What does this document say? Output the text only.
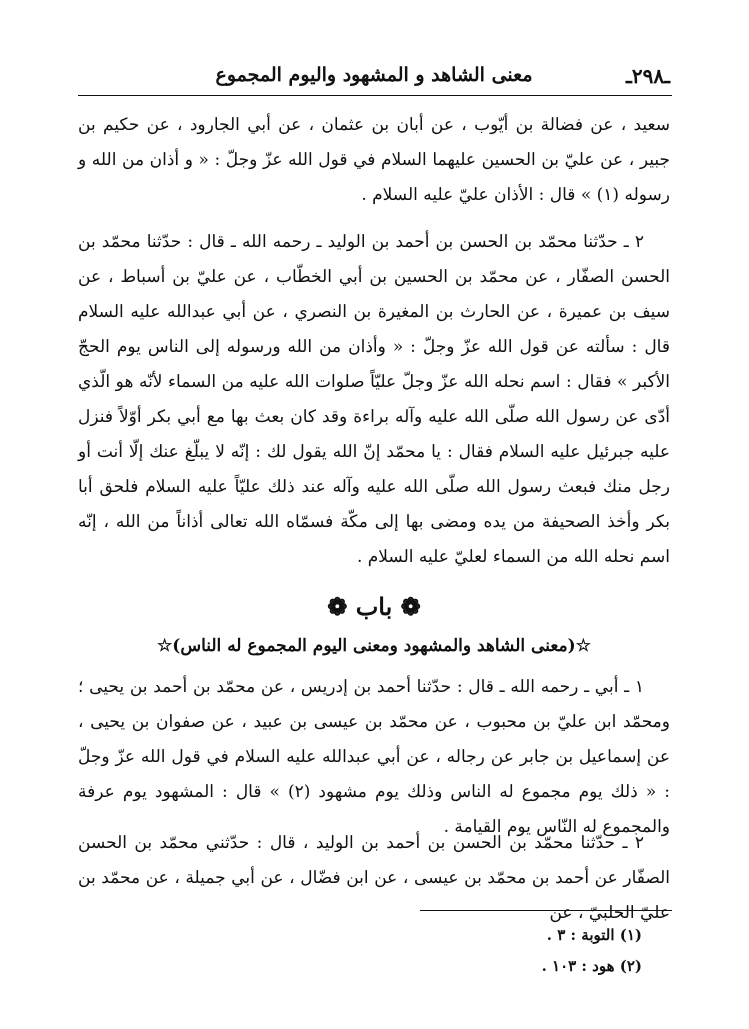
ـ٢٩٨ـ
معنى الشاهد و المشهود واليوم المجموع

سعيد ، عن فضالة بن أيّوب ، عن أبان بن عثمان ، عن أبي الجارود ، عن حكيم بن جبير ، عن عليّ بن الحسين عليهما السلام في قول الله عزّ وجلّ : « و أذان من الله و رسوله (١) » قال : الأذان عليّ عليه السلام .

٢ ـ حدّثنا محمّد بن الحسن بن أحمد بن الوليد ـ رحمه الله ـ قال : حدّثنا محمّد بن الحسن الصفّار ، عن محمّد بن الحسين بن أبي الخطّاب ، عن عليّ بن أسباط ، عن سيف بن عميرة ، عن الحارث بن المغيرة بن النصري ، عن أبي عبدالله عليه السلام قال : سألته عن قول الله عزّ وجلّ : « وأذان من الله ورسوله إلى الناس يوم الحجّ الأكبر » فقال : اسم نحله الله عزّ وجلّ عليّاً صلوات الله عليه من السماء لأنّه هو الّذي أدّى عن رسول الله صلّى الله عليه وآله براءة وقد كان بعث بها مع أبي بكر أوّلاً فنزل عليه جبرئيل عليه السلام فقال : يا محمّد إنّ الله يقول لك : إنّه لا يبلّغ عنك إلّا أنت أو رجل منك فبعث رسول الله صلّى الله عليه وآله عند ذلك عليّاً عليه السلام فلحق أبا بكر وأخذ الصحيفة من يده ومضى بها إلى مكّة فسمّاه الله تعالى أذاناً من الله ، إنّه اسم نحله الله من السماء لعليّ عليه السلام .

❁ باب ❁
☆(معنى الشاهد والمشهود ومعنى اليوم المجموع له الناس)☆

١ ـ أبي ـ رحمه الله ـ قال : حدّثنا أحمد بن إدريس ، عن محمّد بن أحمد بن يحيى ؛ ومحمّد ابن عليّ بن محبوب ، عن محمّد بن عيسى بن عبيد ، عن صفوان بن يحيى ، عن إسماعيل بن جابر عن رجاله ، عن أبي عبدالله عليه السلام في قول الله عزّ وجلّ : « ذلك يوم مجموع له الناس وذلك يوم مشهود (٢) » قال : المشهود يوم عرفة والمجموع له النّاس يوم القيامة .

٢ ـ حدّثنا محمّد بن الحسن بن أحمد بن الوليد ، قال : حدّثني محمّد بن الحسن الصفّار عن أحمد بن محمّد بن عيسى ، عن ابن فضّال ، عن أبي جميلة ، عن محمّد بن عليّ الحلبيّ ، عن

(١) التوبة : ٣ .
(٢) هود : ١٠٣ .
